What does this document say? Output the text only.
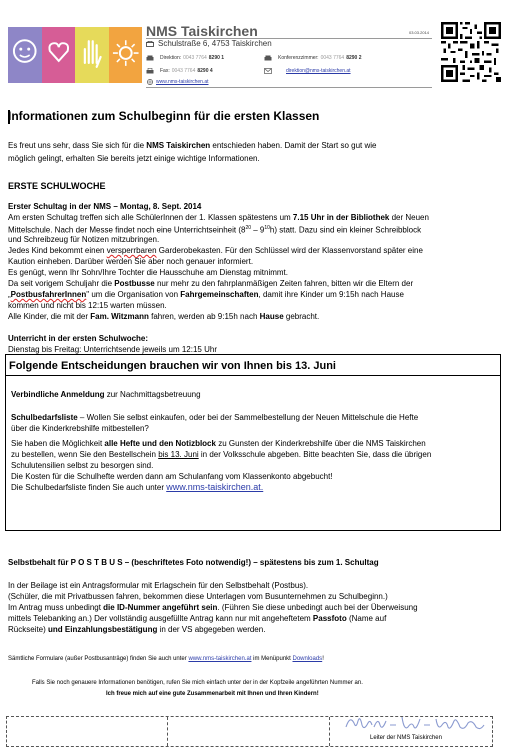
NMS Taiskirchen	03.03.2014
Schulstraße 6, 4753 Taiskirchen
Direktion: 0043 7764 8290 1	Konferenzzimmer: 0043 7764 8290 2
Fax: 0043 7764 8290 4	direktion@nms-taiskirchen.at
www.nms-taiskirchen.at
Informationen zum Schulbeginn für die ersten Klassen
Es freut uns sehr, dass Sie sich für die NMS Taiskirchen entschieden haben. Damit der Start so gut wie
möglich gelingt, erhalten Sie bereits jetzt einige wichtige Informationen.
ERSTE SCHULWOCHE
Erster Schultag in der NMS – Montag, 8. Sept. 2014
Am ersten Schultag treffen sich alle SchülerInnen der 1. Klassen spätestens um 7.15 Uhr in der Bibliothek der Neuen
Mittelschule. Nach der Messe findet noch eine Unterrichtseinheit $(8^{20} - 9^{10}h)$ statt. Dazu sind ein kleiner Schreibblock
und Schreibzeug für Notizen mitzubringen.
Jedes Kind bekommt einen versperrbaren Garderobekasten. Für den Schlüssel wird der Klassenvorstand später eine
Kaution einheben. Darüber werden Sie aber noch genauer informiert.
Es genügt, wenn Ihr Sohn/Ihre Tochter die Hausschuhe am Dienstag mitnimmt.
Da seit vorigem Schuljahr die Postbusse nur mehr zu den fahrplanmäßigen Zeiten fahren, bitten wir die Eltern der
„PostbusfahrerInnen" um die Organisation von Fahrgemeinschaften, damit ihre Kinder um 9:15h nach Hause
kommen und nicht bis 12:15 warten müssen.
Alle Kinder, die mit der Fam. Witzmann fahren, werden ab 9:15h nach Hause gebracht.
Unterricht in der ersten Schulwoche:
Dienstag bis Freitag: Unterrichtsende jeweils um 12:15 Uhr
Folgende Entscheidungen brauchen wir von Ihnen bis 13. Juni
Verbindliche Anmeldung zur Nachmittagsbetreuung
Schulbedarfsliste – Wollen Sie selbst einkaufen, oder bei der Sammelbestellung der Neuen Mittelschule die Hefte
über die Kinderkrebshilfe mitbestellen?
Sie haben die Möglichkeit alle Hefte und den Notizblock zu Gunsten der Kinderkrebshilfe über die NMS Taiskirchen
zu bestellen, wenn Sie den Bestellschein bis 13. Juni in der Volksschule abgeben. Bitte beachten Sie, dass die übrigen
Schulutensilien selbst zu besorgen sind.
Die Kosten für die Schulhefte werden dann am Schulanfang vom Klassenkonto abgebucht!
Die Schulbedarfsliste finden Sie auch unter www.nms-taiskirchen.at.
Selbstbehalt für P O S T B U S – (beschriftetes Foto notwendig!) – spätestens bis zum 1. Schultag
In der Beilage ist ein Antragsformular mit Erlagschein für den Selbstbehalt (Postbus).
(Schüler, die mit Privatbussen fahren, bekommen diese Unterlagen vom Busunternehmen zu Schulbeginn.)
Im Antrag muss unbedingt die ID-Nummer angeführt sein. (Führen Sie diese unbedingt auch bei der Überweisung
mittels Telebanking an.) Der vollständig ausgefüllte Antrag kann nur mit angeheftetem Passfoto (Name auf
Rückseite) und Einzahlungsbestätigung in der VS abgegeben werden.
Sämtliche Formulare (außer Postbusanträge) finden Sie auch unter www.nms-taiskirchen.at im Menüpunkt Downloads!
Falls Sie noch genauere Informationen benötigen, rufen Sie mich einfach unter der in der Kopfzeile angeführten Nummer an.
Ich freue mich auf eine gute Zusammenarbeit mit Ihnen und Ihren Kindern!
Leiter der NMS Taiskirchen
